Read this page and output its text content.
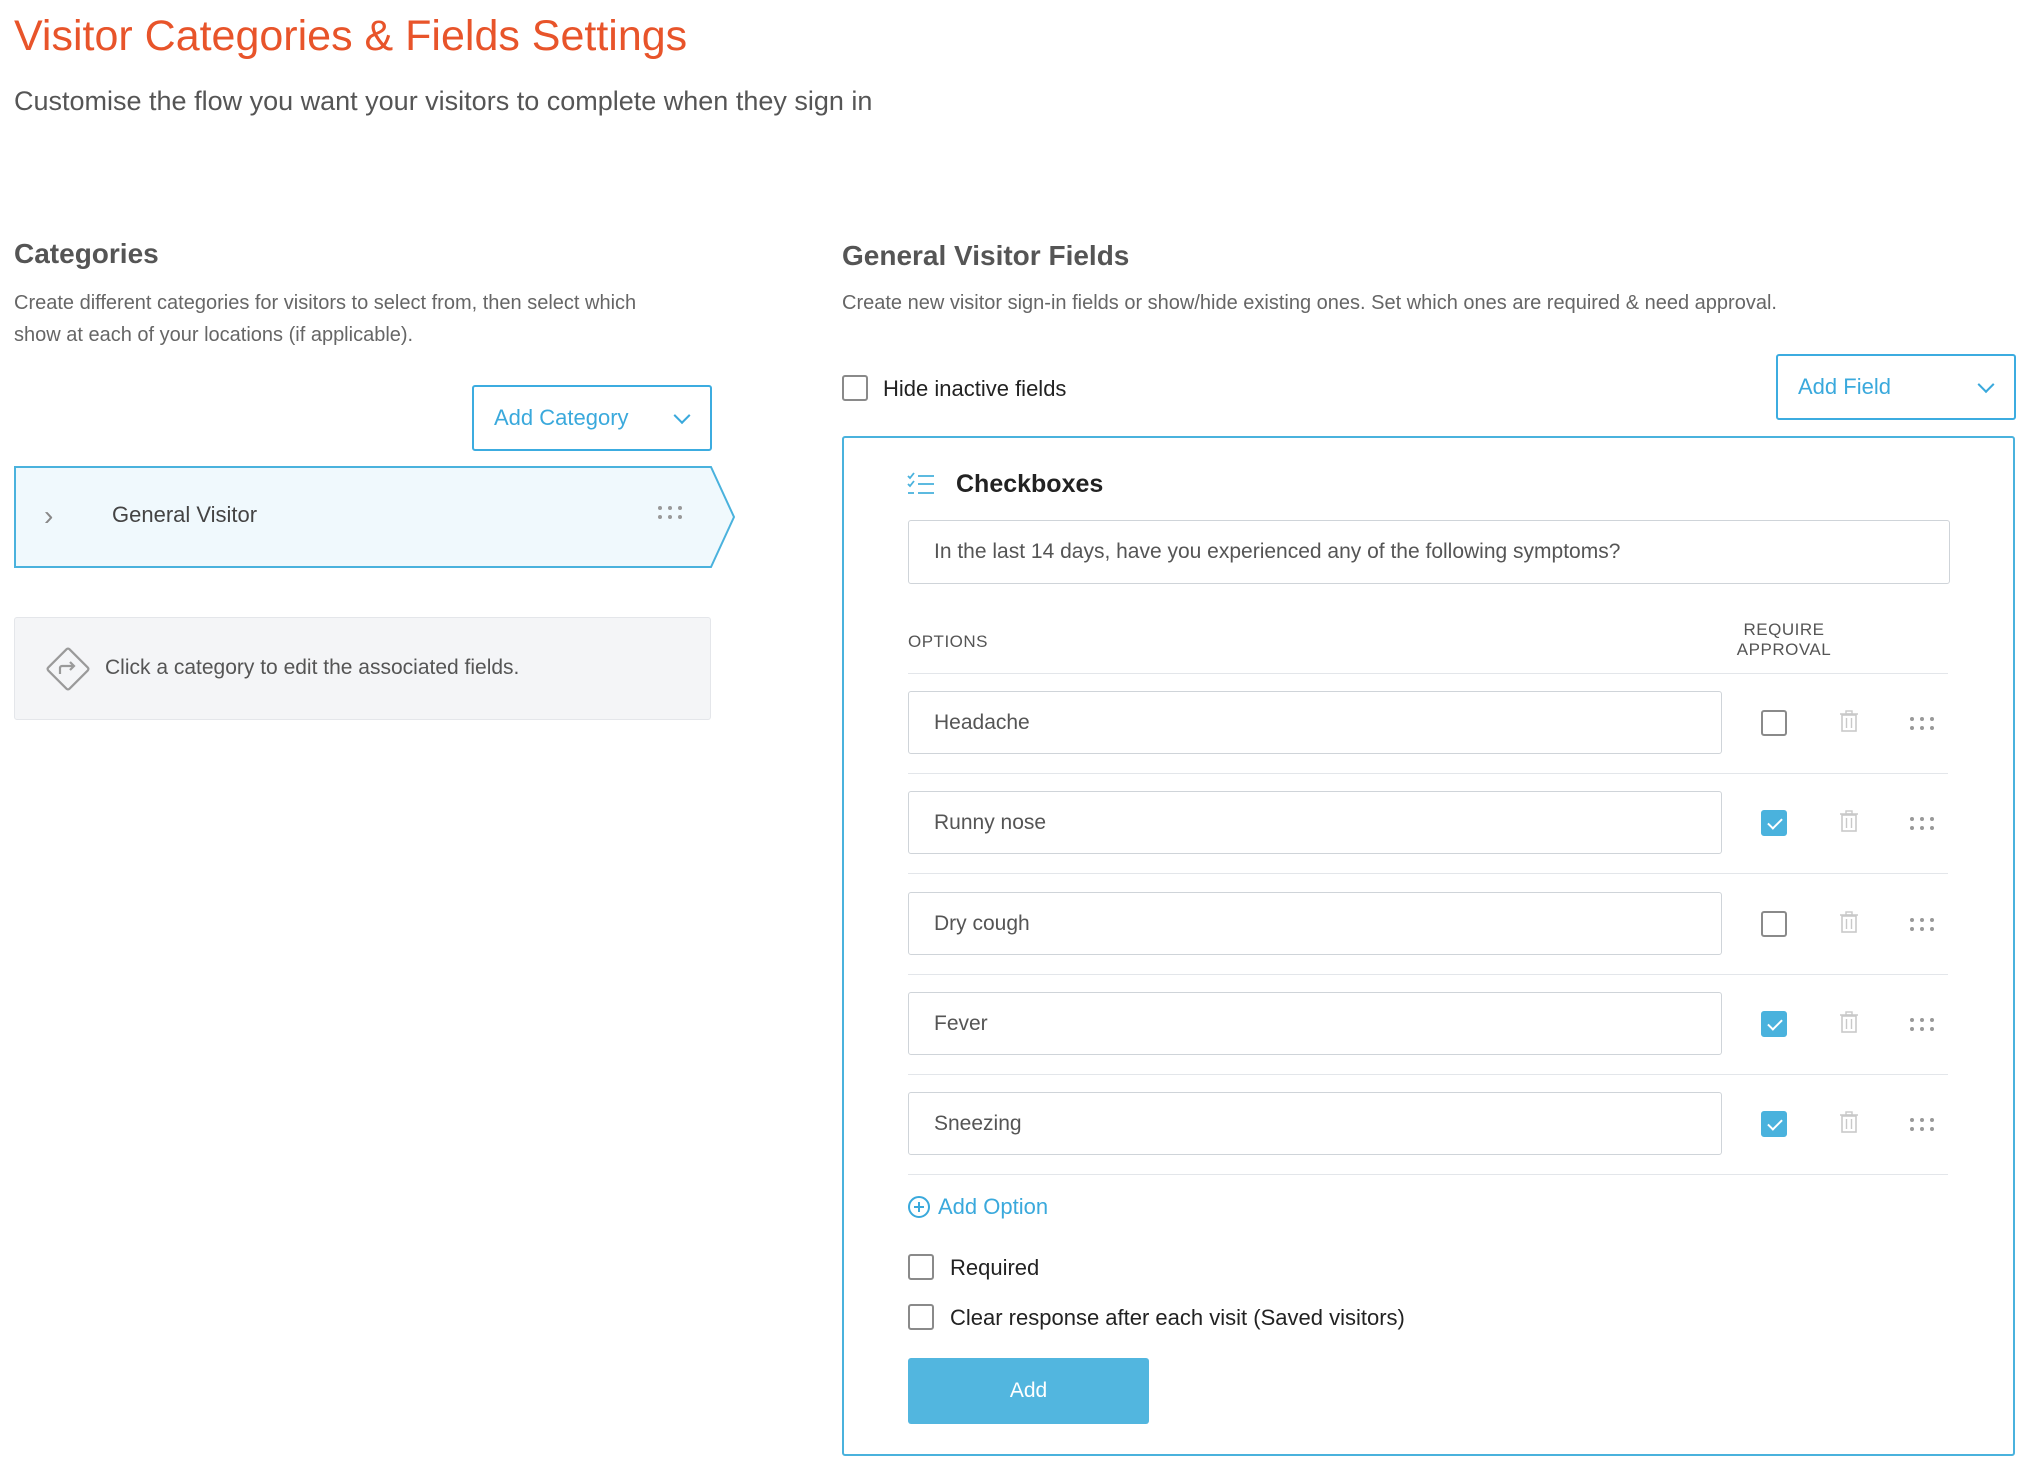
Visitor Categories & Fields Settings

Customise the flow you want your visitors to complete when they sign in

Categories
Create different categories for visitors to select from, then select which
show at each of your locations (if applicable).
Add Category
›	General Visitor
Click a category to edit the associated fields.
General Visitor Fields
Create new visitor sign-in fields or show/hide existing ones. Set which ones are required & need approval.
Hide inactive fields	Add Field
Checkboxes
In the last 14 days, have you experienced any of the following symptoms?
OPTIONS
REQUIRE
APPROVAL
Headache
Runny nose
Dry cough
Fever
Sneezing
Add Option
Required
Clear response after each visit (Saved visitors)
Add
